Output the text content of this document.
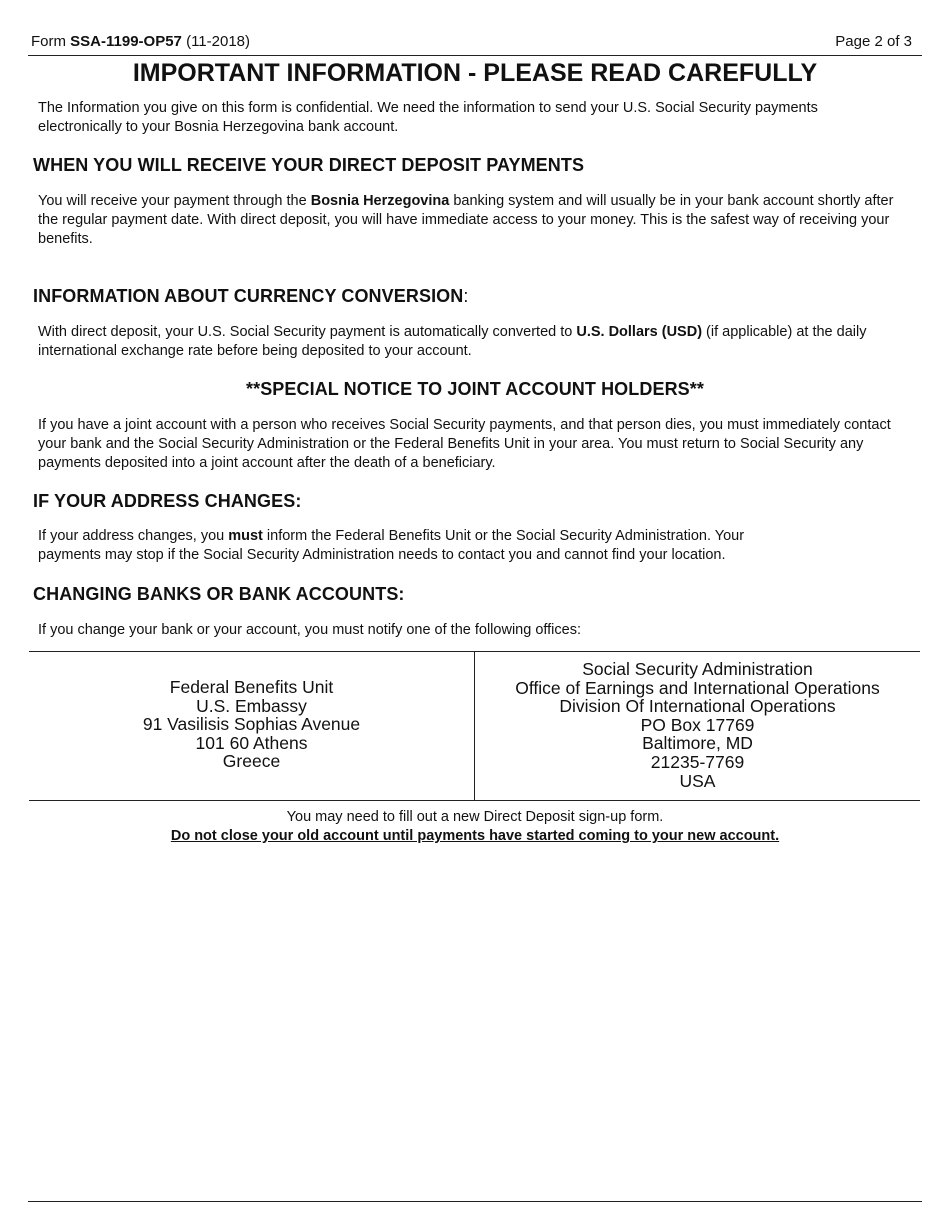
Form SSA-1199-OP57 (11-2018)	Page 2 of 3
IMPORTANT INFORMATION - PLEASE READ CAREFULLY
The Information you give on this form is confidential. We need the information to send your U.S. Social Security payments electronically to your Bosnia Herzegovina bank account.
WHEN YOU WILL RECEIVE YOUR DIRECT DEPOSIT PAYMENTS
You will receive your payment through the Bosnia Herzegovina banking system and will usually be in your bank account shortly after the regular payment date. With direct deposit, you will have immediate access to your money. This is the safest way of receiving your benefits.
INFORMATION ABOUT CURRENCY CONVERSION:
With direct deposit, your U.S. Social Security payment is automatically converted to U.S. Dollars (USD) (if applicable) at the daily international exchange rate before being deposited to your account.
**SPECIAL NOTICE TO JOINT ACCOUNT HOLDERS**
If you have a joint account with a person who receives Social Security payments, and that person dies, you must immediately contact your bank and the Social Security Administration or the Federal Benefits Unit in your area. You must return to Social Security any payments deposited into a joint account after the death of a beneficiary.
IF YOUR ADDRESS CHANGES:
If your address changes, you must inform the Federal Benefits Unit or the Social Security Administration. Your payments may stop if the Social Security Administration needs to contact you and cannot find your location.
CHANGING BANKS OR BANK ACCOUNTS:
If you change your bank or your account, you must notify one of the following offices:
Federal Benefits Unit
U.S. Embassy
91 Vasilisis Sophias Avenue
101 60 Athens
Greece
Social Security Administration
Office of Earnings and International Operations
Division Of International Operations
PO Box 17769
Baltimore, MD
21235-7769
USA
You may need to fill out a new Direct Deposit sign-up form.
Do not close your old account until payments have started coming to your new account.
